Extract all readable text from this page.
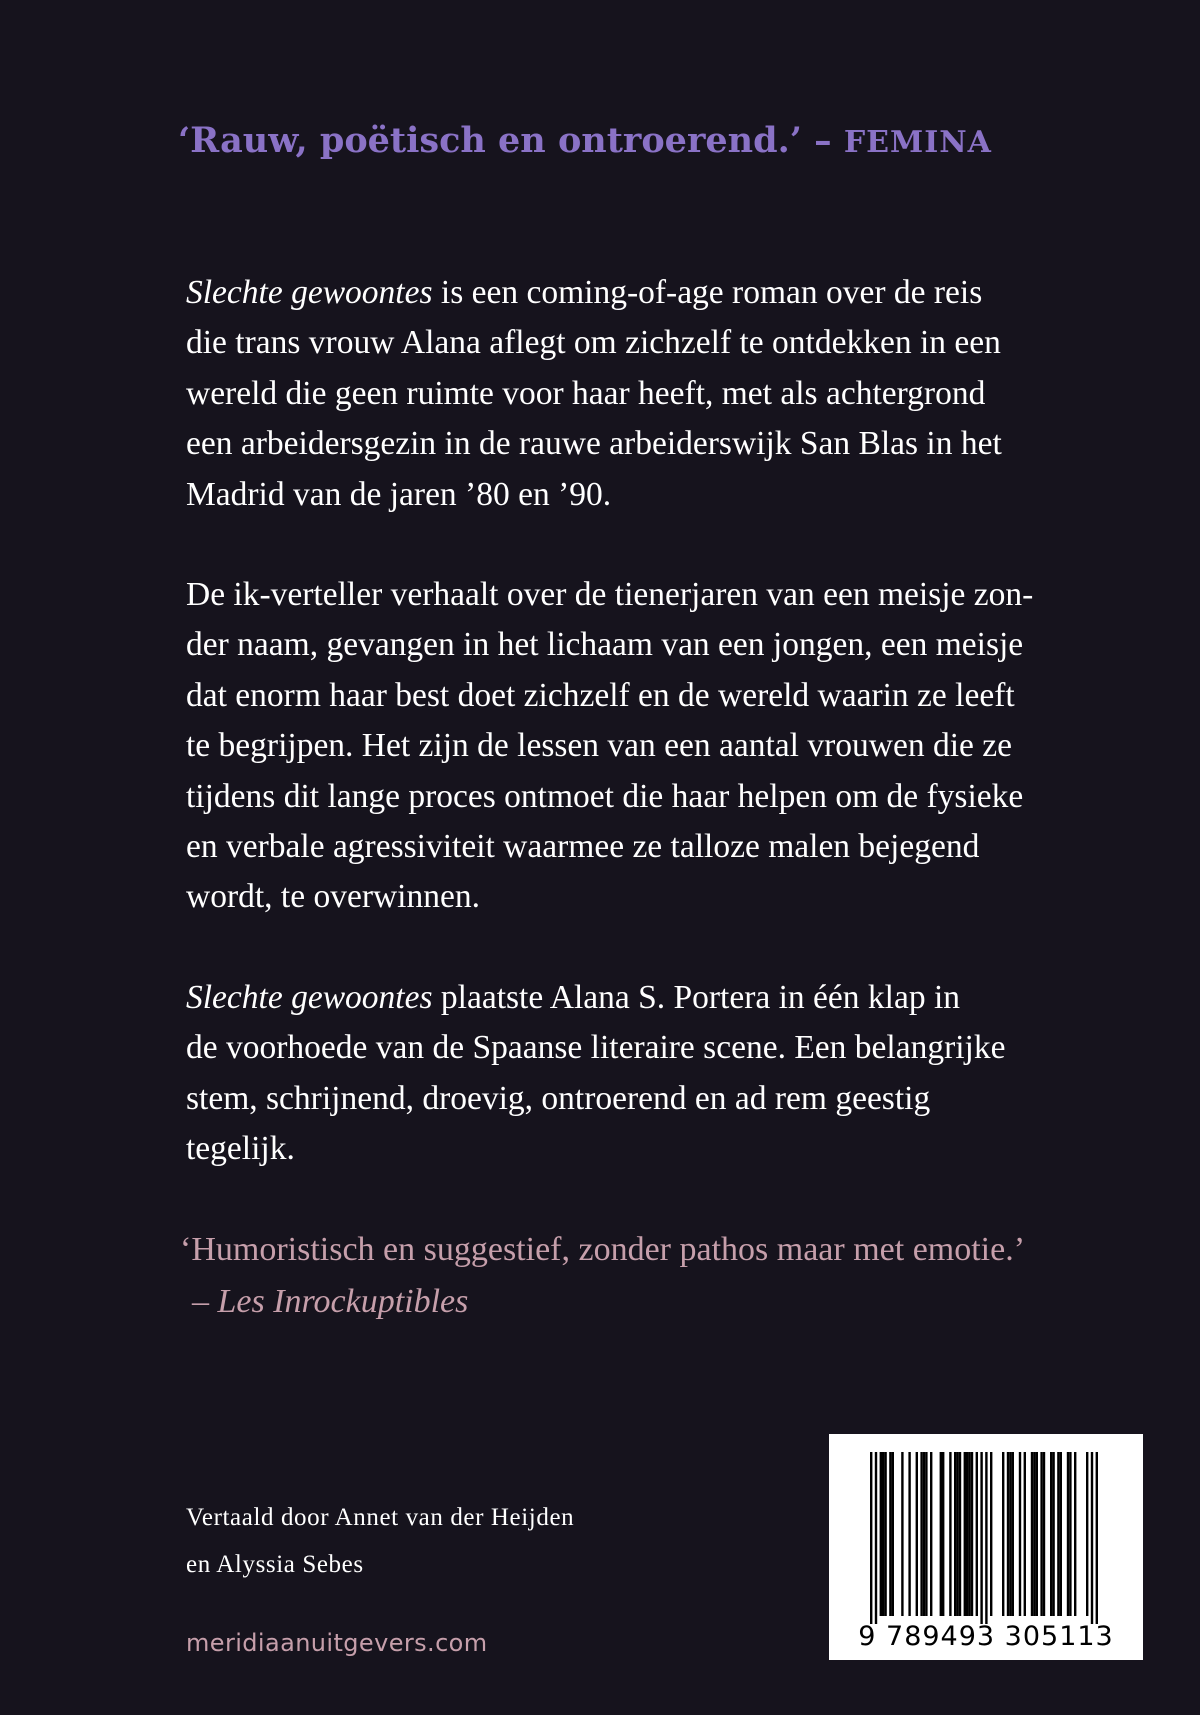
‘Rauw, poëtisch en ontroerend.’ – FEMINA

Slechte gewoontes is een coming-of-age roman over de reis
die trans vrouw Alana aflegt om zichzelf te ontdekken in een
wereld die geen ruimte voor haar heeft, met als achtergrond
een arbeidersgezin in de rauwe arbeiderswijk San Blas in het
Madrid van de jaren ’80 en ’90.

De ik-verteller verhaalt over de tienerjaren van een meisje zon-
der naam, gevangen in het lichaam van een jongen, een meisje
dat enorm haar best doet zichzelf en de wereld waarin ze leeft
te begrijpen. Het zijn de lessen van een aantal vrouwen die ze
tijdens dit lange proces ontmoet die haar helpen om de fysieke
en verbale agressiviteit waarmee ze talloze malen bejegend
wordt, te overwinnen.

Slechte gewoontes plaatste Alana S. Portera in één klap in
de voorhoede van de Spaanse literaire scene. Een belangrijke
stem, schrijnend, droevig, ontroerend en ad rem geestig
tegelijk.

‘Humoristisch en suggestief, zonder pathos maar met emotie.’
– Les Inrockuptibles
Vertaald door Annet van der Heijden
en Alyssia Sebes
meridiaanuitgevers.com	9 789493 305113
